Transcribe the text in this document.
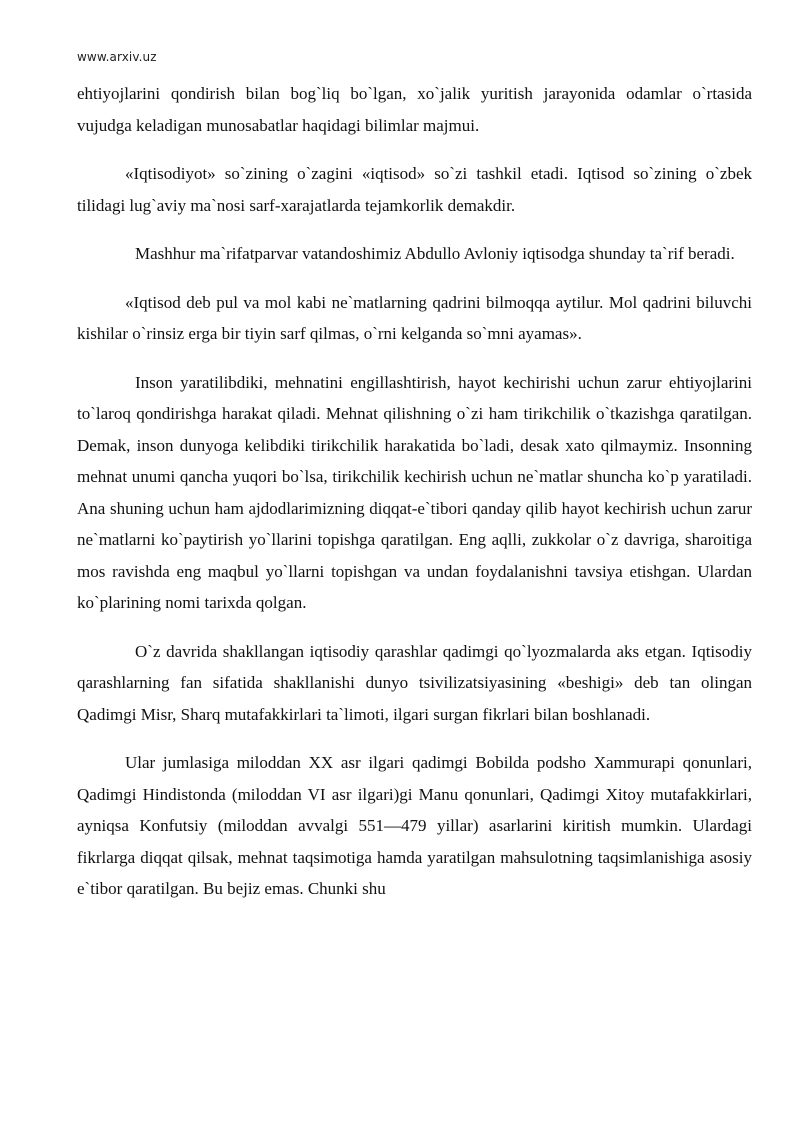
www.arxiv.uz

ehtiyojlarini qondirish bilan bog`liq bo`lgan, xo`jalik yuritish jarayonida odamlar o`rtasida vujudga keladigan munosabatlar haqidagi bilimlar majmui.

«Iqtisodiyot» so`zining o`zagini «iqtisod» so`zi tashkil etadi. Iqtisod so`zining o`zbek tilidagi lug`aviy ma`nosi sarf-xarajatlarda tejamkorlik demakdir.

Mashhur ma`rifatparvar vatandoshimiz Abdullo Avloniy iqtisodga shunday ta`rif beradi.

«Iqtisod deb pul va mol kabi ne`matlarning qadrini bilmoqqa aytilur. Mol qadrini biluvchi kishilar o`rinsiz erga bir tiyin sarf qilmas, o`rni kelganda so`mni ayamas».

Inson yaratilibdiki, mehnatini engillashtirish, hayot kechirishi uchun zarur ehtiyojlarini to`laroq qondirishga harakat qiladi. Mehnat qilishning o`zi ham tirikchilik o`tkazishga qaratilgan. Demak, inson dunyoga kelibdiki tirikchilik harakatida bo`ladi, desak xato qilmaymiz. Insonning mehnat unumi qancha yuqori bo`lsa, tirikchilik kechirish uchun ne`matlar shuncha ko`p yaratiladi. Ana shuning uchun ham ajdodlarimizning diqqat-e`tibori qanday qilib hayot kechirish uchun zarur ne`matlarni ko`paytirish yo`llarini topishga qaratilgan. Eng aqlli, zukkolar o`z davriga, sharoitiga mos ravishda eng maqbul yo`llarni topishgan va undan foydalanishni tavsiya etishgan. Ulardan ko`plarining nomi tarixda qolgan.

O`z davrida shakllangan iqtisodiy qarashlar qadimgi qo`lyozmalarda aks etgan. Iqtisodiy qarashlarning fan sifatida shakllanishi dunyo tsivilizatsiyasining «beshigi» deb tan olingan Qadimgi Misr, Sharq mutafakkirlari ta`limoti, ilgari surgan fikrlari bilan boshlanadi.

Ular jumlasiga miloddan XX asr ilgari qadimgi Bobilda podsho Xammurapi qonunlari, Qadimgi Hindistonda (miloddan VI asr ilgari)gi Manu qonunlari, Qadimgi Xitoy mutafakkirlari, ayniqsa Konfutsiy (miloddan avvalgi 551—479 yillar) asarlarini kiritish mumkin. Ulardagi fikrlarga diqqat qilsak, mehnat taqsimotiga hamda yaratilgan mahsulotning taqsimlanishiga asosiy e`tibor qaratilgan. Bu bejiz emas. Chunki shu
